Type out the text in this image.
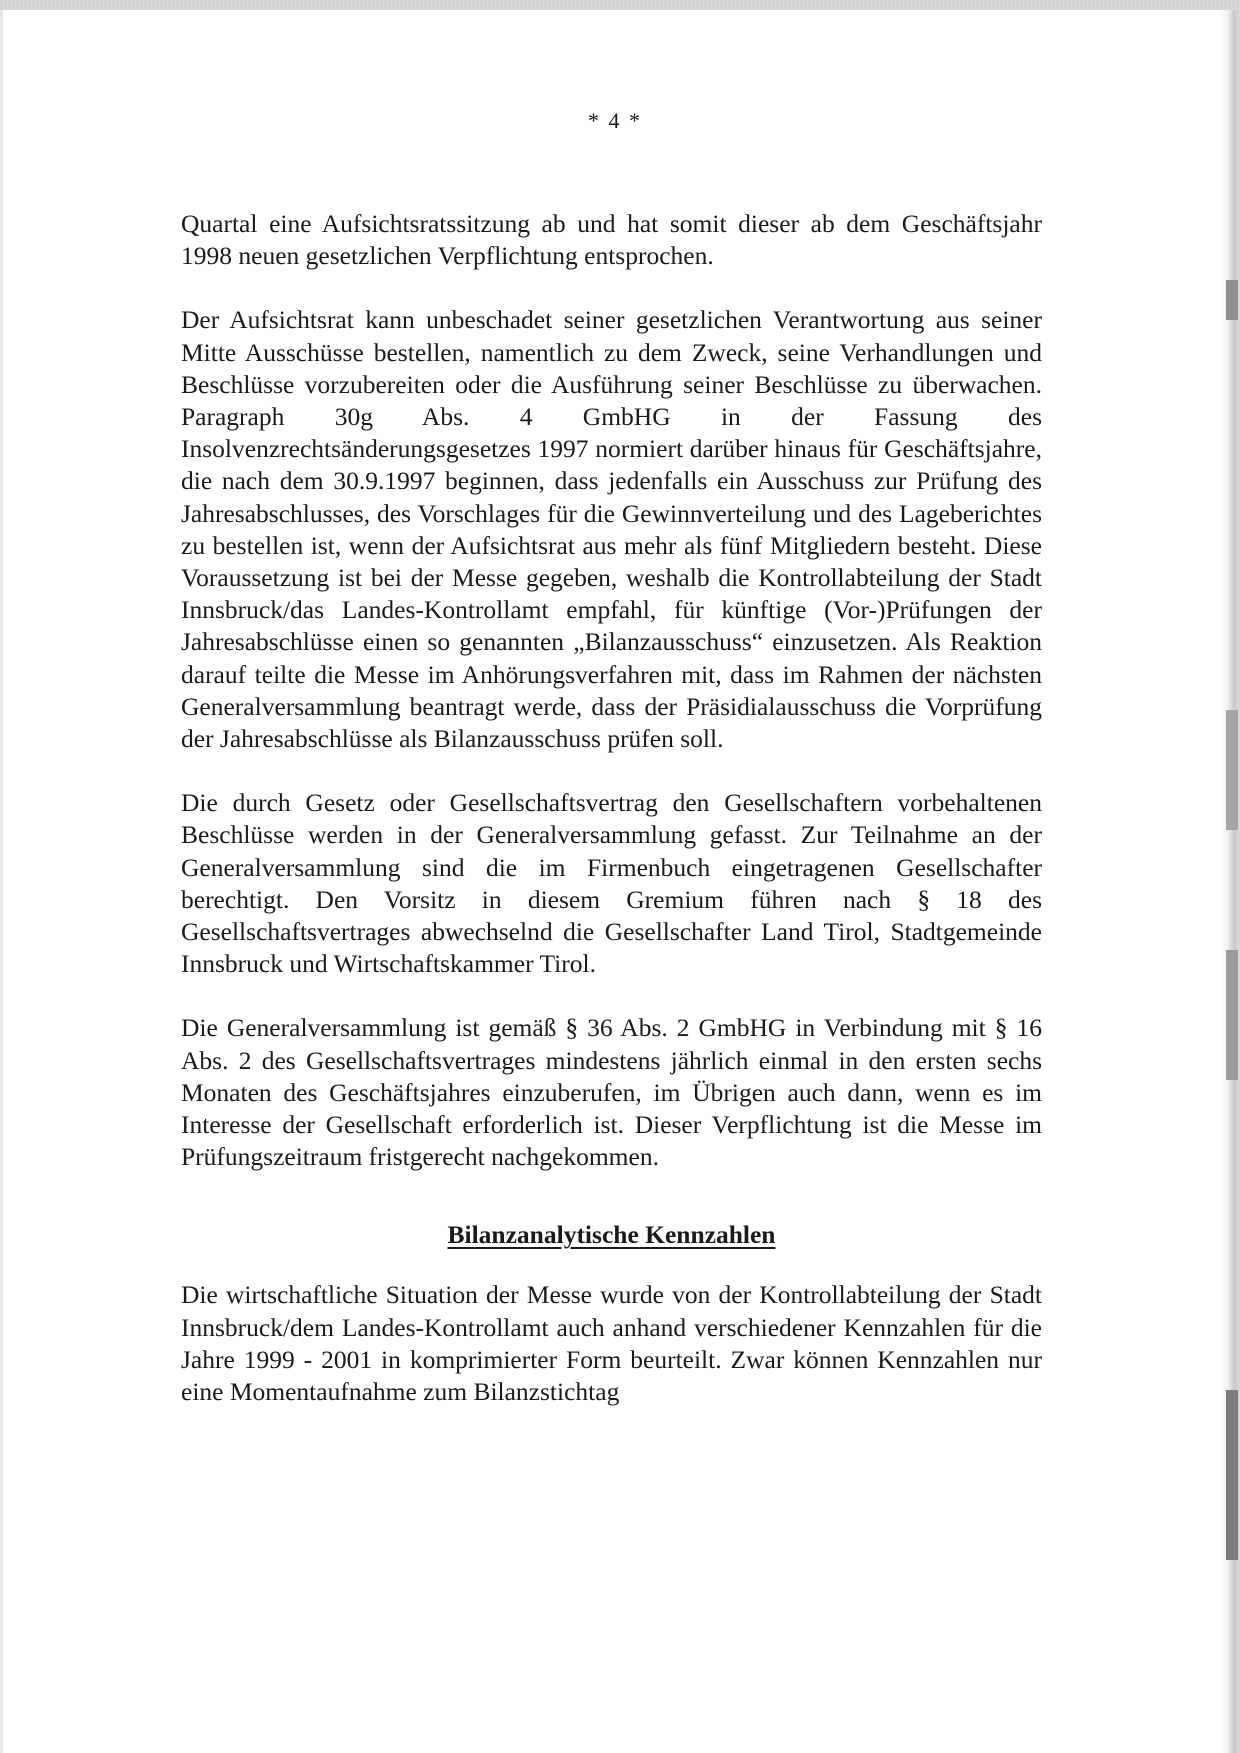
* 4 *

Quartal eine Aufsichtsratssitzung ab und hat somit dieser ab dem Geschäftsjahr 1998 neuen gesetzlichen Verpflichtung entsprochen.

Der Aufsichtsrat kann unbeschadet seiner gesetzlichen Verantwortung aus seiner Mitte Ausschüsse bestellen, namentlich zu dem Zweck, seine Verhandlungen und Beschlüsse vorzubereiten oder die Ausführung seiner Beschlüsse zu überwachen. Paragraph 30g Abs. 4 GmbHG in der Fassung des Insolvenzrechtsänderungsgesetzes 1997 normiert darüber hinaus für Geschäftsjahre, die nach dem 30.9.1997 beginnen, dass jedenfalls ein Ausschuss zur Prüfung des Jahresabschlusses, des Vorschlages für die Gewinnverteilung und des Lageberichtes zu bestellen ist, wenn der Aufsichtsrat aus mehr als fünf Mitgliedern besteht. Diese Voraussetzung ist bei der Messe gegeben, weshalb die Kontrollabteilung der Stadt Innsbruck/das Landes-Kontrollamt empfahl, für künftige (Vor-)Prüfungen der Jahresabschlüsse einen so genannten „Bilanzausschuss“ einzusetzen. Als Reaktion darauf teilte die Messe im Anhörungsverfahren mit, dass im Rahmen der nächsten Generalversammlung beantragt werde, dass der Präsidialausschuss die Vorprüfung der Jahresabschlüsse als Bilanzausschuss prüfen soll.

Die durch Gesetz oder Gesellschaftsvertrag den Gesellschaftern vorbehaltenen Beschlüsse werden in der Generalversammlung gefasst. Zur Teilnahme an der Generalversammlung sind die im Firmenbuch eingetragenen Gesellschafter berechtigt. Den Vorsitz in diesem Gremium führen nach § 18 des Gesellschaftsvertrages abwechselnd die Gesellschafter Land Tirol, Stadtgemeinde Innsbruck und Wirtschaftskammer Tirol.

Die Generalversammlung ist gemäß § 36 Abs. 2 GmbHG in Verbindung mit § 16 Abs. 2 des Gesellschaftsvertrages mindestens jährlich einmal in den ersten sechs Monaten des Geschäftsjahres einzuberufen, im Übrigen auch dann, wenn es im Interesse der Gesellschaft erforderlich ist. Dieser Verpflichtung ist die Messe im Prüfungszeitraum fristgerecht nachgekommen.

Bilanzanalytische Kennzahlen

Die wirtschaftliche Situation der Messe wurde von der Kontrollabteilung der Stadt Innsbruck/dem Landes-Kontrollamt auch anhand verschiedener Kennzahlen für die Jahre 1999 - 2001 in komprimierter Form beurteilt. Zwar können Kennzahlen nur eine Momentaufnahme zum Bilanzstichtag
